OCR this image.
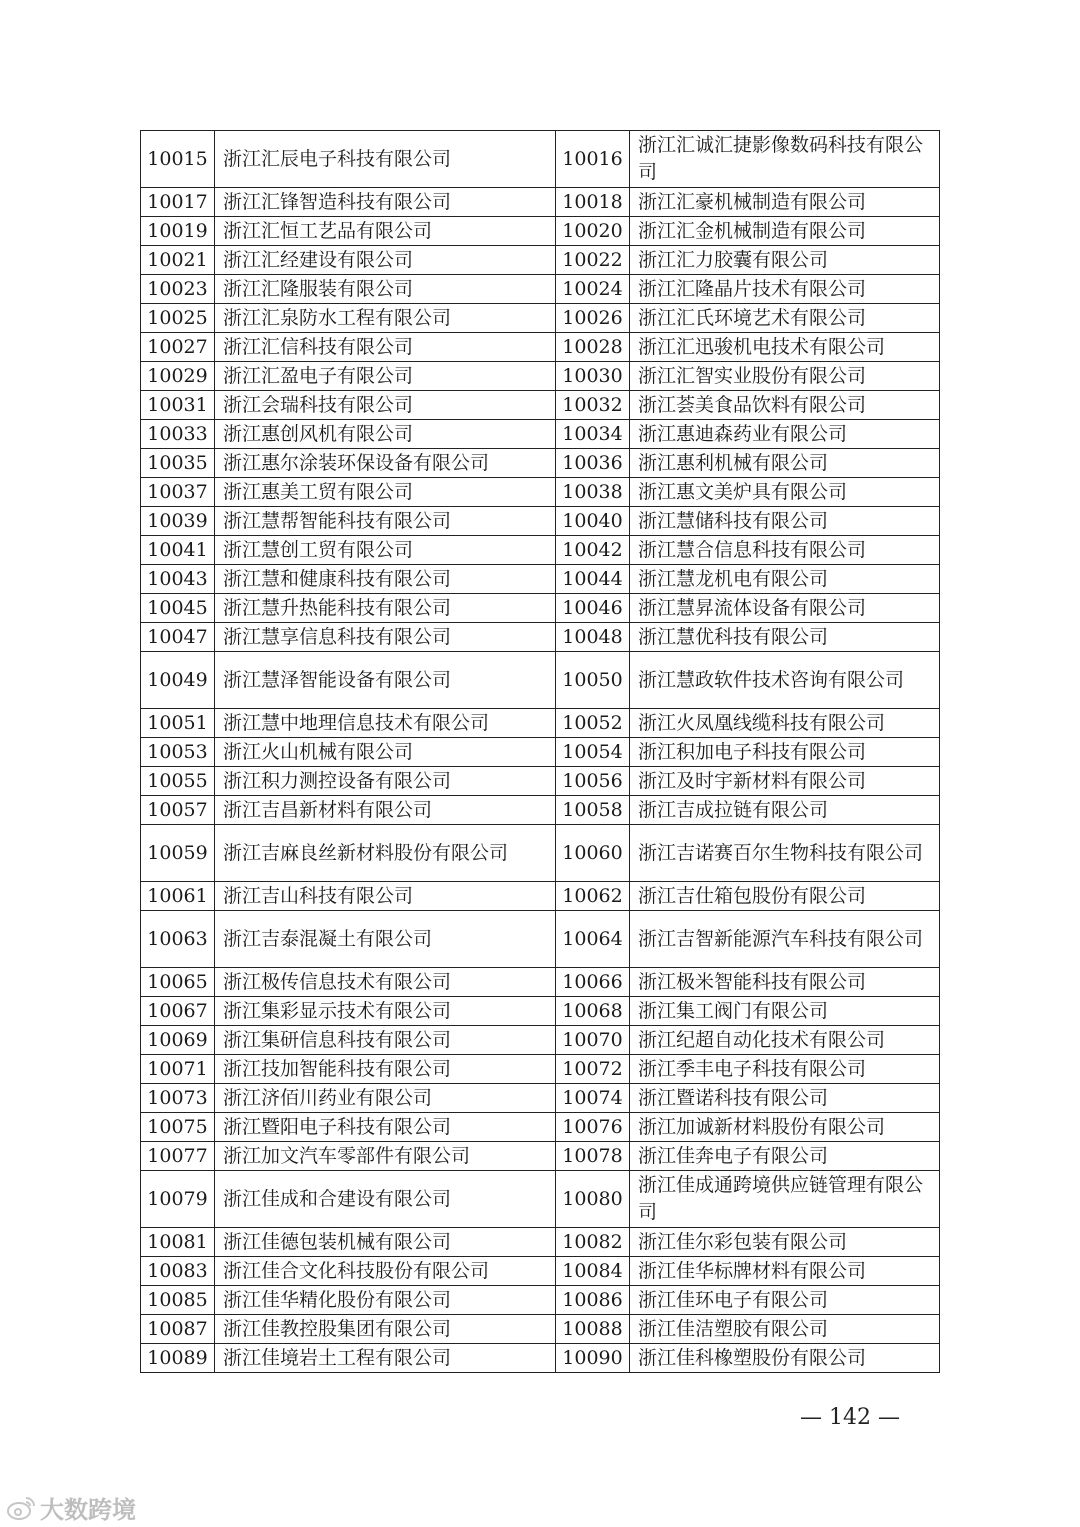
10015	浙江汇辰电子科技有限公司	10016	浙江汇诚汇捷影像数码科技有限公司
10017	浙江汇锋智造科技有限公司	10018	浙江汇豪机械制造有限公司
10019	浙江汇恒工艺品有限公司	10020	浙江汇金机械制造有限公司
10021	浙江汇经建设有限公司	10022	浙江汇力胶囊有限公司
10023	浙江汇隆服装有限公司	10024	浙江汇隆晶片技术有限公司
10025	浙江汇泉防水工程有限公司	10026	浙江汇氏环境艺术有限公司
10027	浙江汇信科技有限公司	10028	浙江汇迅骏机电技术有限公司
10029	浙江汇盈电子有限公司	10030	浙江汇智实业股份有限公司
10031	浙江会瑞科技有限公司	10032	浙江荟美食品饮料有限公司
10033	浙江惠创风机有限公司	10034	浙江惠迪森药业有限公司
10035	浙江惠尔涂装环保设备有限公司	10036	浙江惠利机械有限公司
10037	浙江惠美工贸有限公司	10038	浙江惠文美炉具有限公司
10039	浙江慧帮智能科技有限公司	10040	浙江慧储科技有限公司
10041	浙江慧创工贸有限公司	10042	浙江慧合信息科技有限公司
10043	浙江慧和健康科技有限公司	10044	浙江慧龙机电有限公司
10045	浙江慧升热能科技有限公司	10046	浙江慧昇流体设备有限公司
10047	浙江慧享信息科技有限公司	10048	浙江慧优科技有限公司
10049	浙江慧泽智能设备有限公司	10050	浙江慧政软件技术咨询有限公司
10051	浙江慧中地理信息技术有限公司	10052	浙江火凤凰线缆科技有限公司
10053	浙江火山机械有限公司	10054	浙江积加电子科技有限公司
10055	浙江积力测控设备有限公司	10056	浙江及时宇新材料有限公司
10057	浙江吉昌新材料有限公司	10058	浙江吉成拉链有限公司
10059	浙江吉麻良丝新材料股份有限公司	10060	浙江吉诺赛百尔生物科技有限公司
10061	浙江吉山科技有限公司	10062	浙江吉仕箱包股份有限公司
10063	浙江吉泰混凝土有限公司	10064	浙江吉智新能源汽车科技有限公司
10065	浙江极传信息技术有限公司	10066	浙江极米智能科技有限公司
10067	浙江集彩显示技术有限公司	10068	浙江集工阀门有限公司
10069	浙江集研信息科技有限公司	10070	浙江纪超自动化技术有限公司
10071	浙江技加智能科技有限公司	10072	浙江季丰电子科技有限公司
10073	浙江济佰川药业有限公司	10074	浙江暨诺科技有限公司
10075	浙江暨阳电子科技有限公司	10076	浙江加诚新材料股份有限公司
10077	浙江加文汽车零部件有限公司	10078	浙江佳奔电子有限公司
10079	浙江佳成和合建设有限公司	10080	浙江佳成通跨境供应链管理有限公司
10081	浙江佳德包装机械有限公司	10082	浙江佳尔彩包装有限公司
10083	浙江佳合文化科技股份有限公司	10084	浙江佳华标牌材料有限公司
10085	浙江佳华精化股份有限公司	10086	浙江佳环电子有限公司
10087	浙江佳教控股集团有限公司	10088	浙江佳洁塑胶有限公司
10089	浙江佳境岩土工程有限公司	10090	浙江佳科橡塑股份有限公司
— 142 —
大数跨境
